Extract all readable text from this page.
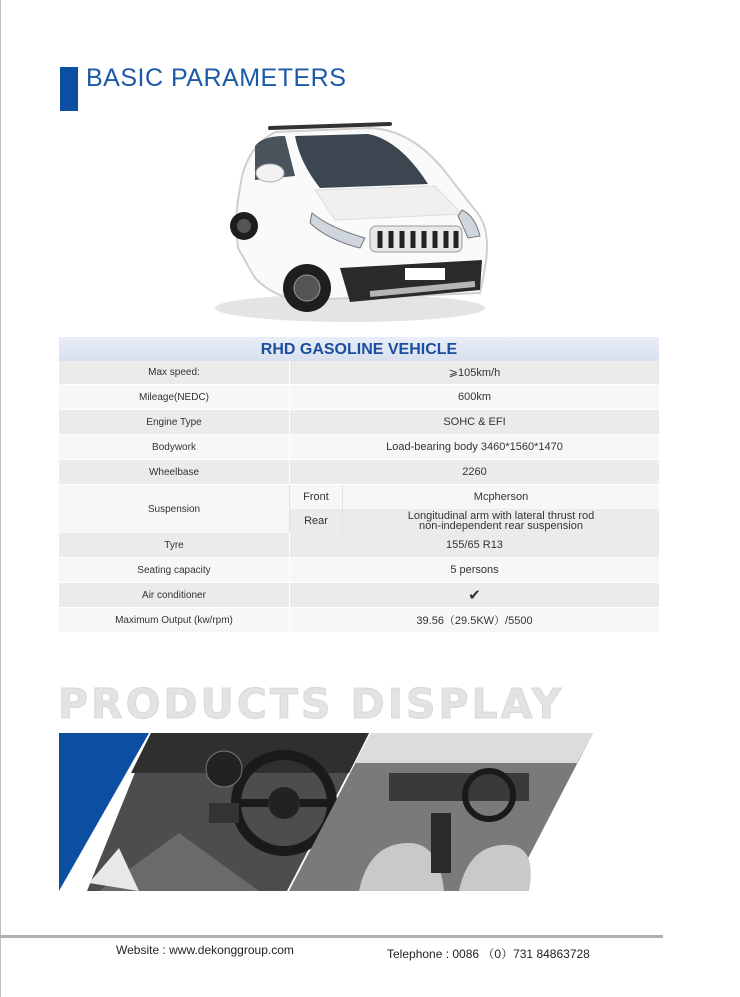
BASIC PARAMETERS
RHD GASOLINE VEHICLE
Max speed:	⩾105km/h
Mileage(NEDC)	600km
Engine Type	SOHC & EFI
Bodywork	Load-bearing body 3460*1560*1470
Wheelbase	2260
Suspension
Front	Mcpherson
Rear	Longitudinal arm with lateral thrust rod
non-independent rear suspension
Tyre	155/65 R13
Seating capacity	5 persons
Air conditioner	✔
Maximum Output (kw/rpm)	39.56（29.5KW）/5500
PRODUCTS DISPLAY
Website : www.dekonggroup.com	Telephone : 0086 （0）731 84863728
